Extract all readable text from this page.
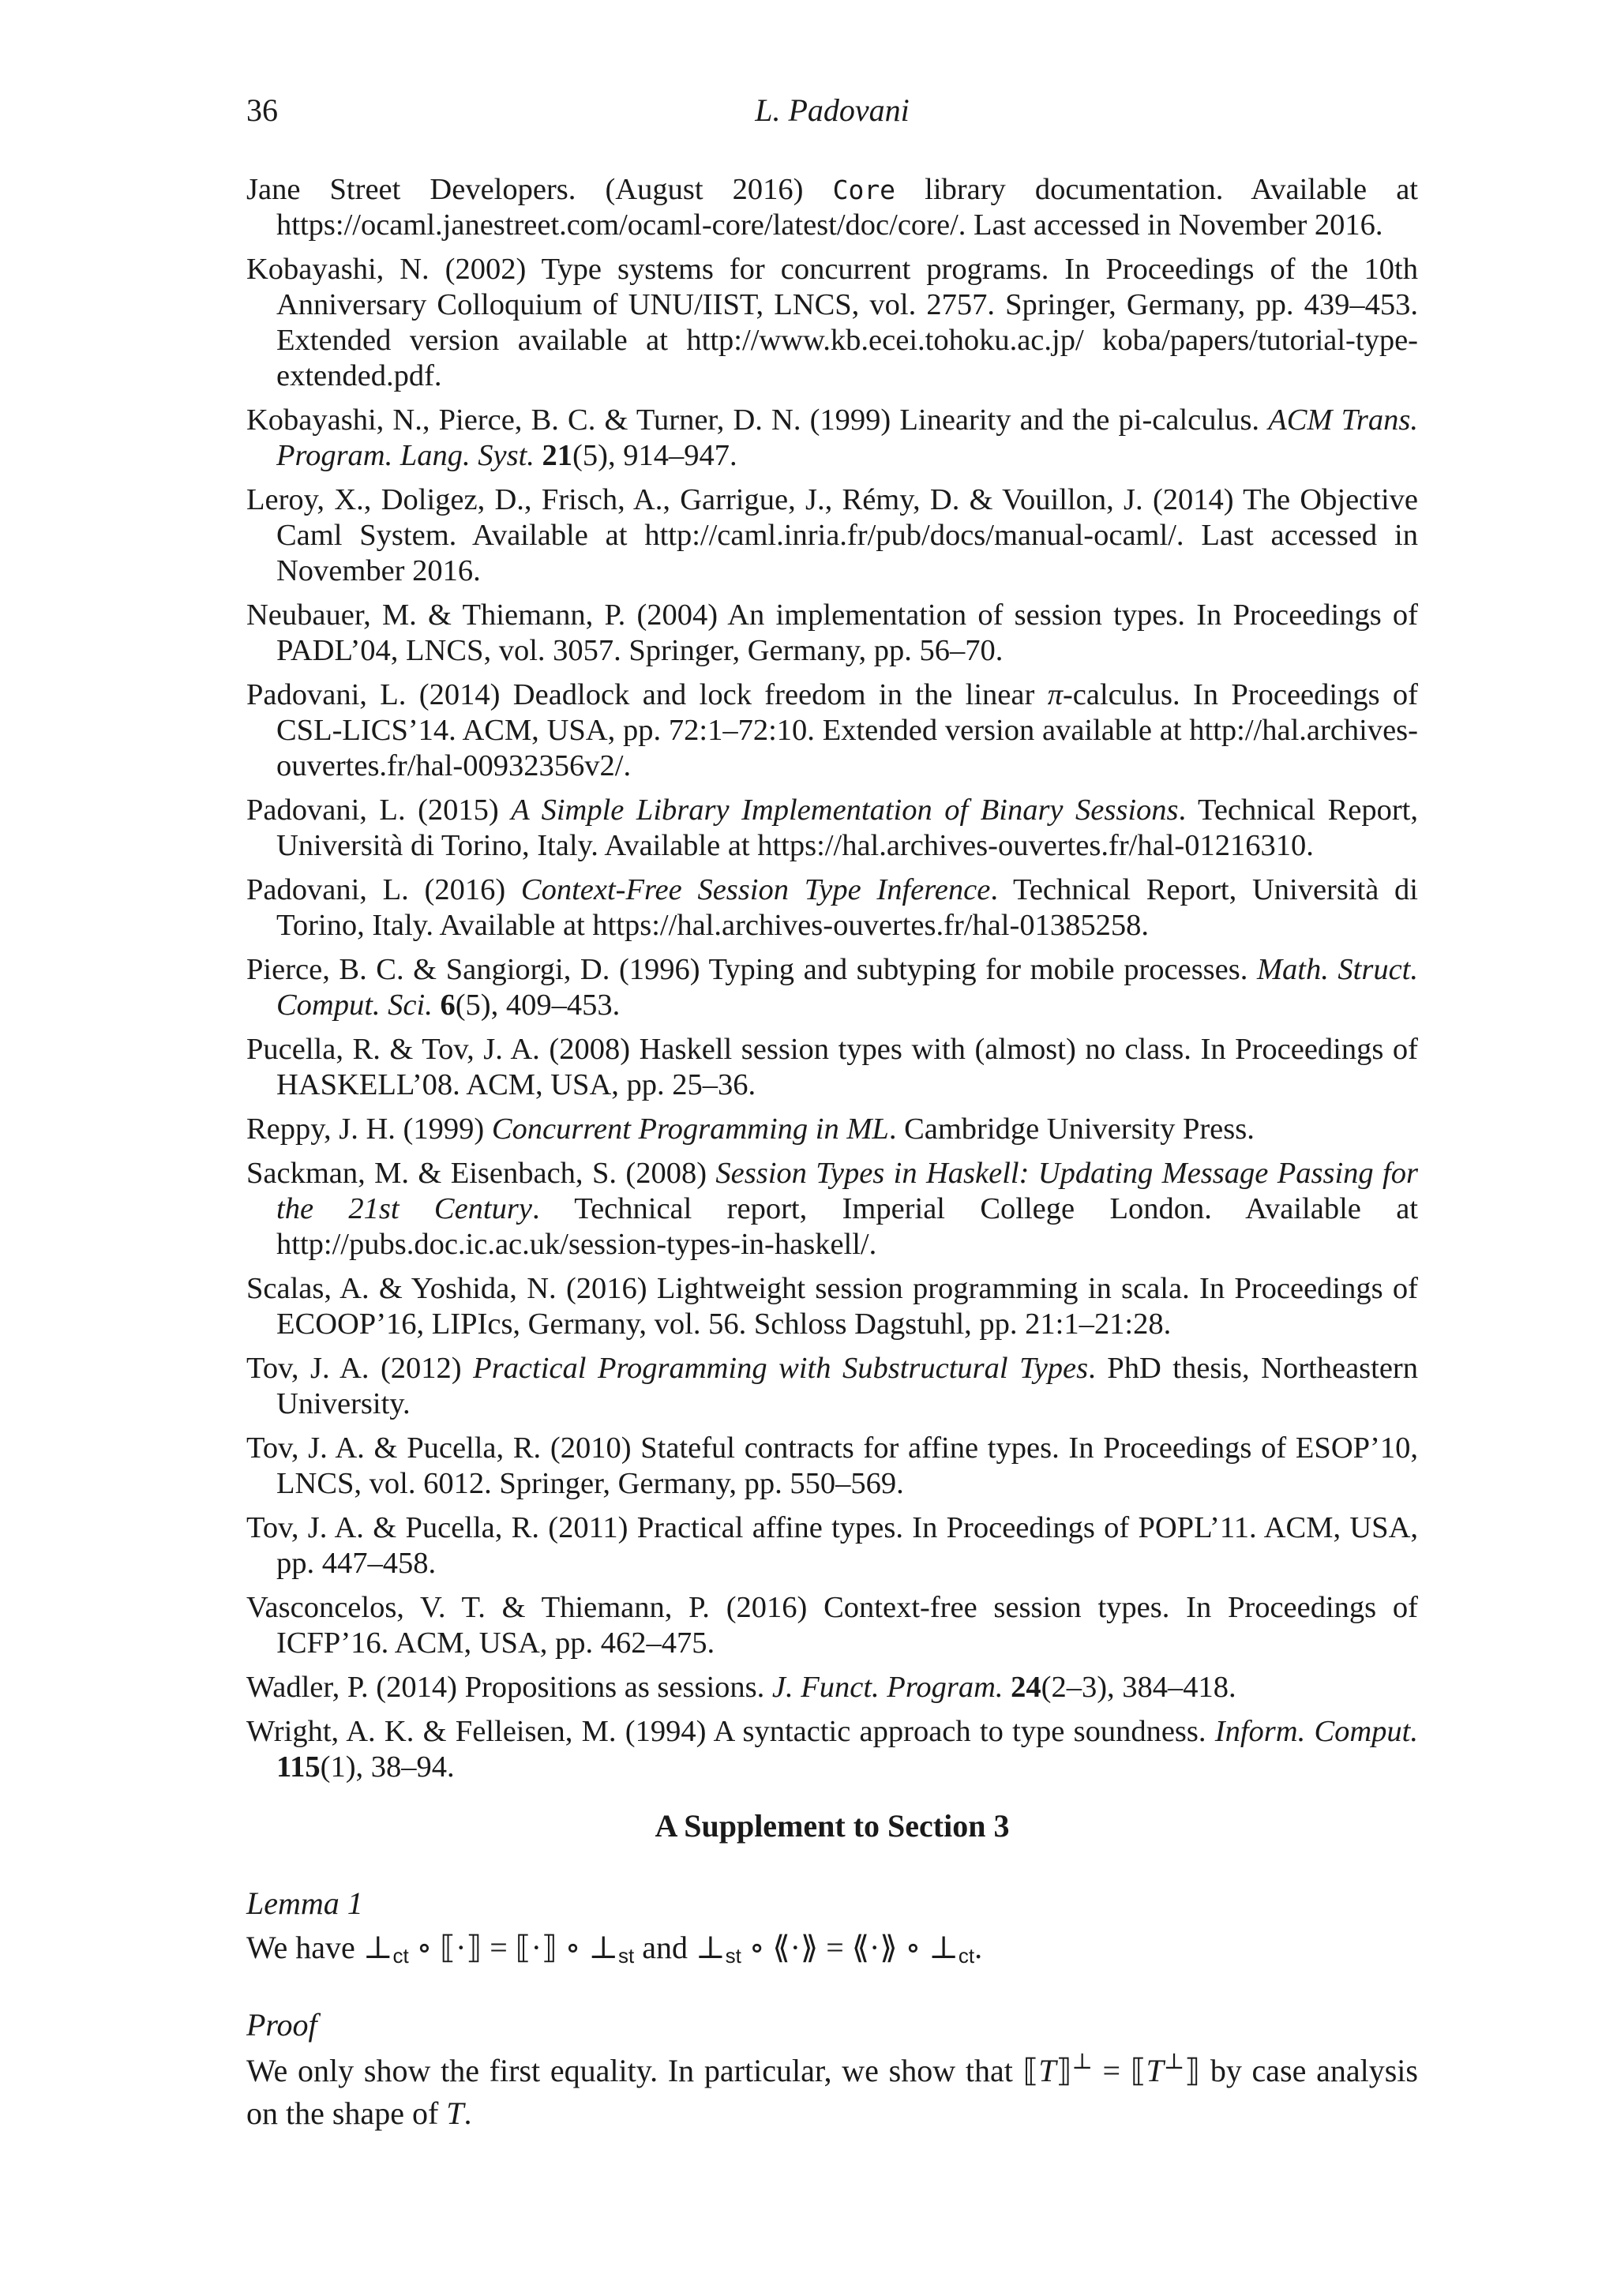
36	L. Padovani
Jane Street Developers. (August 2016) Core library documentation. Available at https://ocaml.janestreet.com/ocaml-core/latest/doc/core/. Last accessed in November 2016.
Kobayashi, N. (2002) Type systems for concurrent programs. In Proceedings of the 10th Anniversary Colloquium of UNU/IIST, LNCS, vol. 2757. Springer, Germany, pp. 439–453. Extended version available at http://www.kb.ecei.tohoku.ac.jp/ koba/papers/tutorial-type-extended.pdf.
Kobayashi, N., Pierce, B. C. & Turner, D. N. (1999) Linearity and the pi-calculus. ACM Trans. Program. Lang. Syst. 21(5), 914–947.
Leroy, X., Doligez, D., Frisch, A., Garrigue, J., Rémy, D. & Vouillon, J. (2014) The Objective Caml System. Available at http://caml.inria.fr/pub/docs/manual-ocaml/. Last accessed in November 2016.
Neubauer, M. & Thiemann, P. (2004) An implementation of session types. In Proceedings of PADL’04, LNCS, vol. 3057. Springer, Germany, pp. 56–70.
Padovani, L. (2014) Deadlock and lock freedom in the linear π-calculus. In Proceedings of CSL-LICS’14. ACM, USA, pp. 72:1–72:10. Extended version available at http://hal.archives-ouvertes.fr/hal-00932356v2/.
Padovani, L. (2015) A Simple Library Implementation of Binary Sessions. Technical Report, Università di Torino, Italy. Available at https://hal.archives-ouvertes.fr/hal-01216310.
Padovani, L. (2016) Context-Free Session Type Inference. Technical Report, Università di Torino, Italy. Available at https://hal.archives-ouvertes.fr/hal-01385258.
Pierce, B. C. & Sangiorgi, D. (1996) Typing and subtyping for mobile processes. Math. Struct. Comput. Sci. 6(5), 409–453.
Pucella, R. & Tov, J. A. (2008) Haskell session types with (almost) no class. In Proceedings of HASKELL’08. ACM, USA, pp. 25–36.
Reppy, J. H. (1999) Concurrent Programming in ML. Cambridge University Press.
Sackman, M. & Eisenbach, S. (2008) Session Types in Haskell: Updating Message Passing for the 21st Century. Technical report, Imperial College London. Available at http://pubs.doc.ic.ac.uk/session-types-in-haskell/.
Scalas, A. & Yoshida, N. (2016) Lightweight session programming in scala. In Proceedings of ECOOP’16, LIPIcs, Germany, vol. 56. Schloss Dagstuhl, pp. 21:1–21:28.
Tov, J. A. (2012) Practical Programming with Substructural Types. PhD thesis, Northeastern University.
Tov, J. A. & Pucella, R. (2010) Stateful contracts for affine types. In Proceedings of ESOP’10, LNCS, vol. 6012. Springer, Germany, pp. 550–569.
Tov, J. A. & Pucella, R. (2011) Practical affine types. In Proceedings of POPL’11. ACM, USA, pp. 447–458.
Vasconcelos, V. T. & Thiemann, P. (2016) Context-free session types. In Proceedings of ICFP’16. ACM, USA, pp. 462–475.
Wadler, P. (2014) Propositions as sessions. J. Funct. Program. 24(2–3), 384–418.
Wright, A. K. & Felleisen, M. (1994) A syntactic approach to type soundness. Inform. Comput. 115(1), 38–94.
A Supplement to Section 3
Lemma 1
We have $\perp_{ct}$ ∘ ⟦·⟧ = ⟦·⟧ ∘ $\perp_{st}$ and $\perp_{st}$ ∘ ⟪·⟫ = ⟪·⟫ ∘ $\perp_{ct}$.
Proof
We only show the first equality. In particular, we show that ⟦T⟧⊥ = ⟦T⊥⟧ by case analysis on the shape of T.
